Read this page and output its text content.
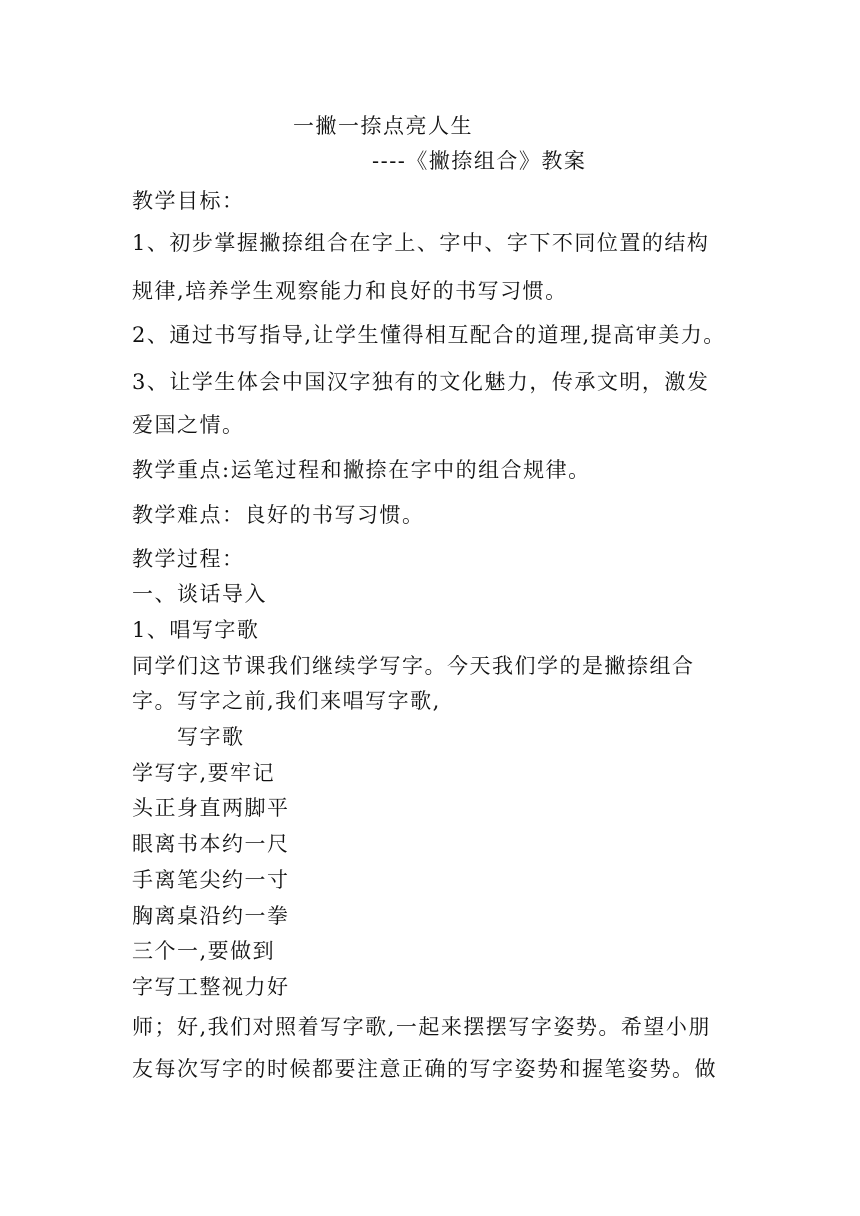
一撇一捺点亮人生
----《撇捺组合》教案
教学目标：
1、初步掌握撇捺组合在字上、字中、字下不同位置的结构
规律,培养学生观察能力和良好的书写习惯。
2、通过书写指导,让学生懂得相互配合的道理,提高审美力。
3、让学生体会中国汉字独有的文化魅力，传承文明，激发
爱国之情。
教学重点:运笔过程和撇捺在字中的组合规律。
教学难点：良好的书写习惯。
教学过程：
一、谈话导入
1、唱写字歌
同学们这节课我们继续学写字。今天我们学的是撇捺组合
字。写字之前,我们来唱写字歌,
写字歌
学写字,要牢记
头正身直两脚平
眼离书本约一尺
手离笔尖约一寸
胸离桌沿约一拳
三个一,要做到
字写工整视力好
师；好,我们对照着写字歌,一起来摆摆写字姿势。希望小朋
友每次写字的时候都要注意正确的写字姿势和握笔姿势。做
